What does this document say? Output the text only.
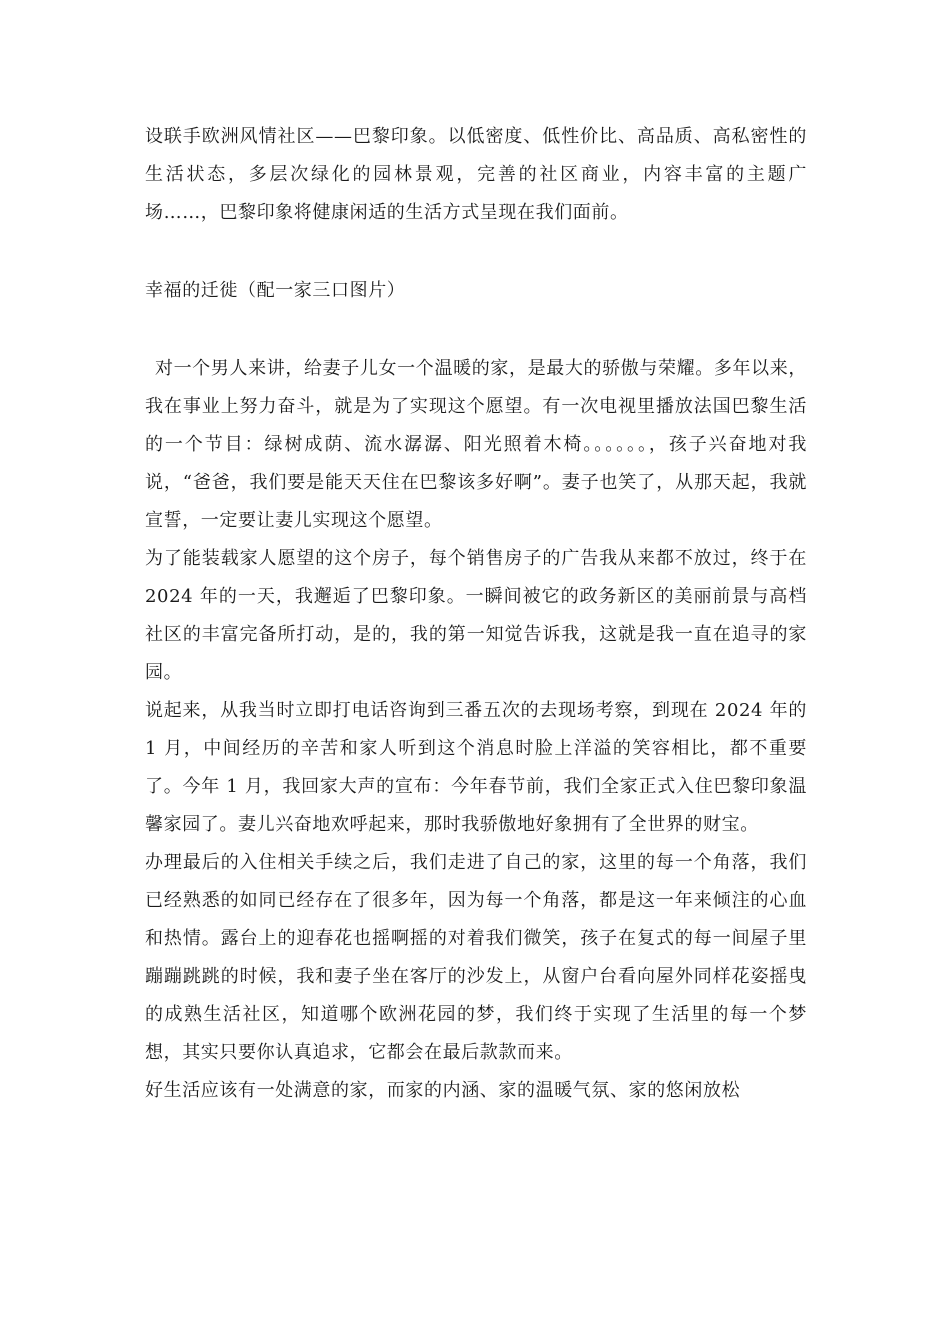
设联手欧洲风情社区——巴黎印象。以低密度、低性价比、高品质、高私密性的生活状态，多层次绿化的园林景观，完善的社区商业，内容丰富的主题广场……，巴黎印象将健康闲适的生活方式呈现在我们面前。

幸福的迁徙（配一家三口图片）

对一个男人来讲，给妻子儿女一个温暖的家，是最大的骄傲与荣耀。多年以来，我在事业上努力奋斗，就是为了实现这个愿望。有一次电视里播放法国巴黎生活的一个节目：绿树成荫、流水潺潺、阳光照着木椅。。。。。。，孩子兴奋地对我说，“爸爸，我们要是能天天住在巴黎该多好啊”。妻子也笑了，从那天起，我就宣誓，一定要让妻儿实现这个愿望。

为了能装载家人愿望的这个房子，每个销售房子的广告我从来都不放过，终于在 2024 年的一天，我邂逅了巴黎印象。一瞬间被它的政务新区的美丽前景与高档社区的丰富完备所打动，是的，我的第一知觉告诉我，这就是我一直在追寻的家园。

说起来，从我当时立即打电话咨询到三番五次的去现场考察，到现在 2024 年的 1 月，中间经历的辛苦和家人听到这个消息时脸上洋溢的笑容相比，都不重要了。今年 1 月，我回家大声的宣布：今年春节前，我们全家正式入住巴黎印象温馨家园了。妻儿兴奋地欢呼起来，那时我骄傲地好象拥有了全世界的财宝。

办理最后的入住相关手续之后，我们走进了自己的家，这里的每一个角落，我们已经熟悉的如同已经存在了很多年，因为每一个角落，都是这一年来倾注的心血和热情。露台上的迎春花也摇啊摇的对着我们微笑，孩子在复式的每一间屋子里蹦蹦跳跳的时候，我和妻子坐在客厅的沙发上，从窗户台看向屋外同样花姿摇曳的成熟生活社区，知道哪个欧洲花园的梦，我们终于实现了生活里的每一个梦想，其实只要你认真追求，它都会在最后款款而来。

好生活应该有一处满意的家，而家的内涵、家的温暖气氛、家的悠闲放松
